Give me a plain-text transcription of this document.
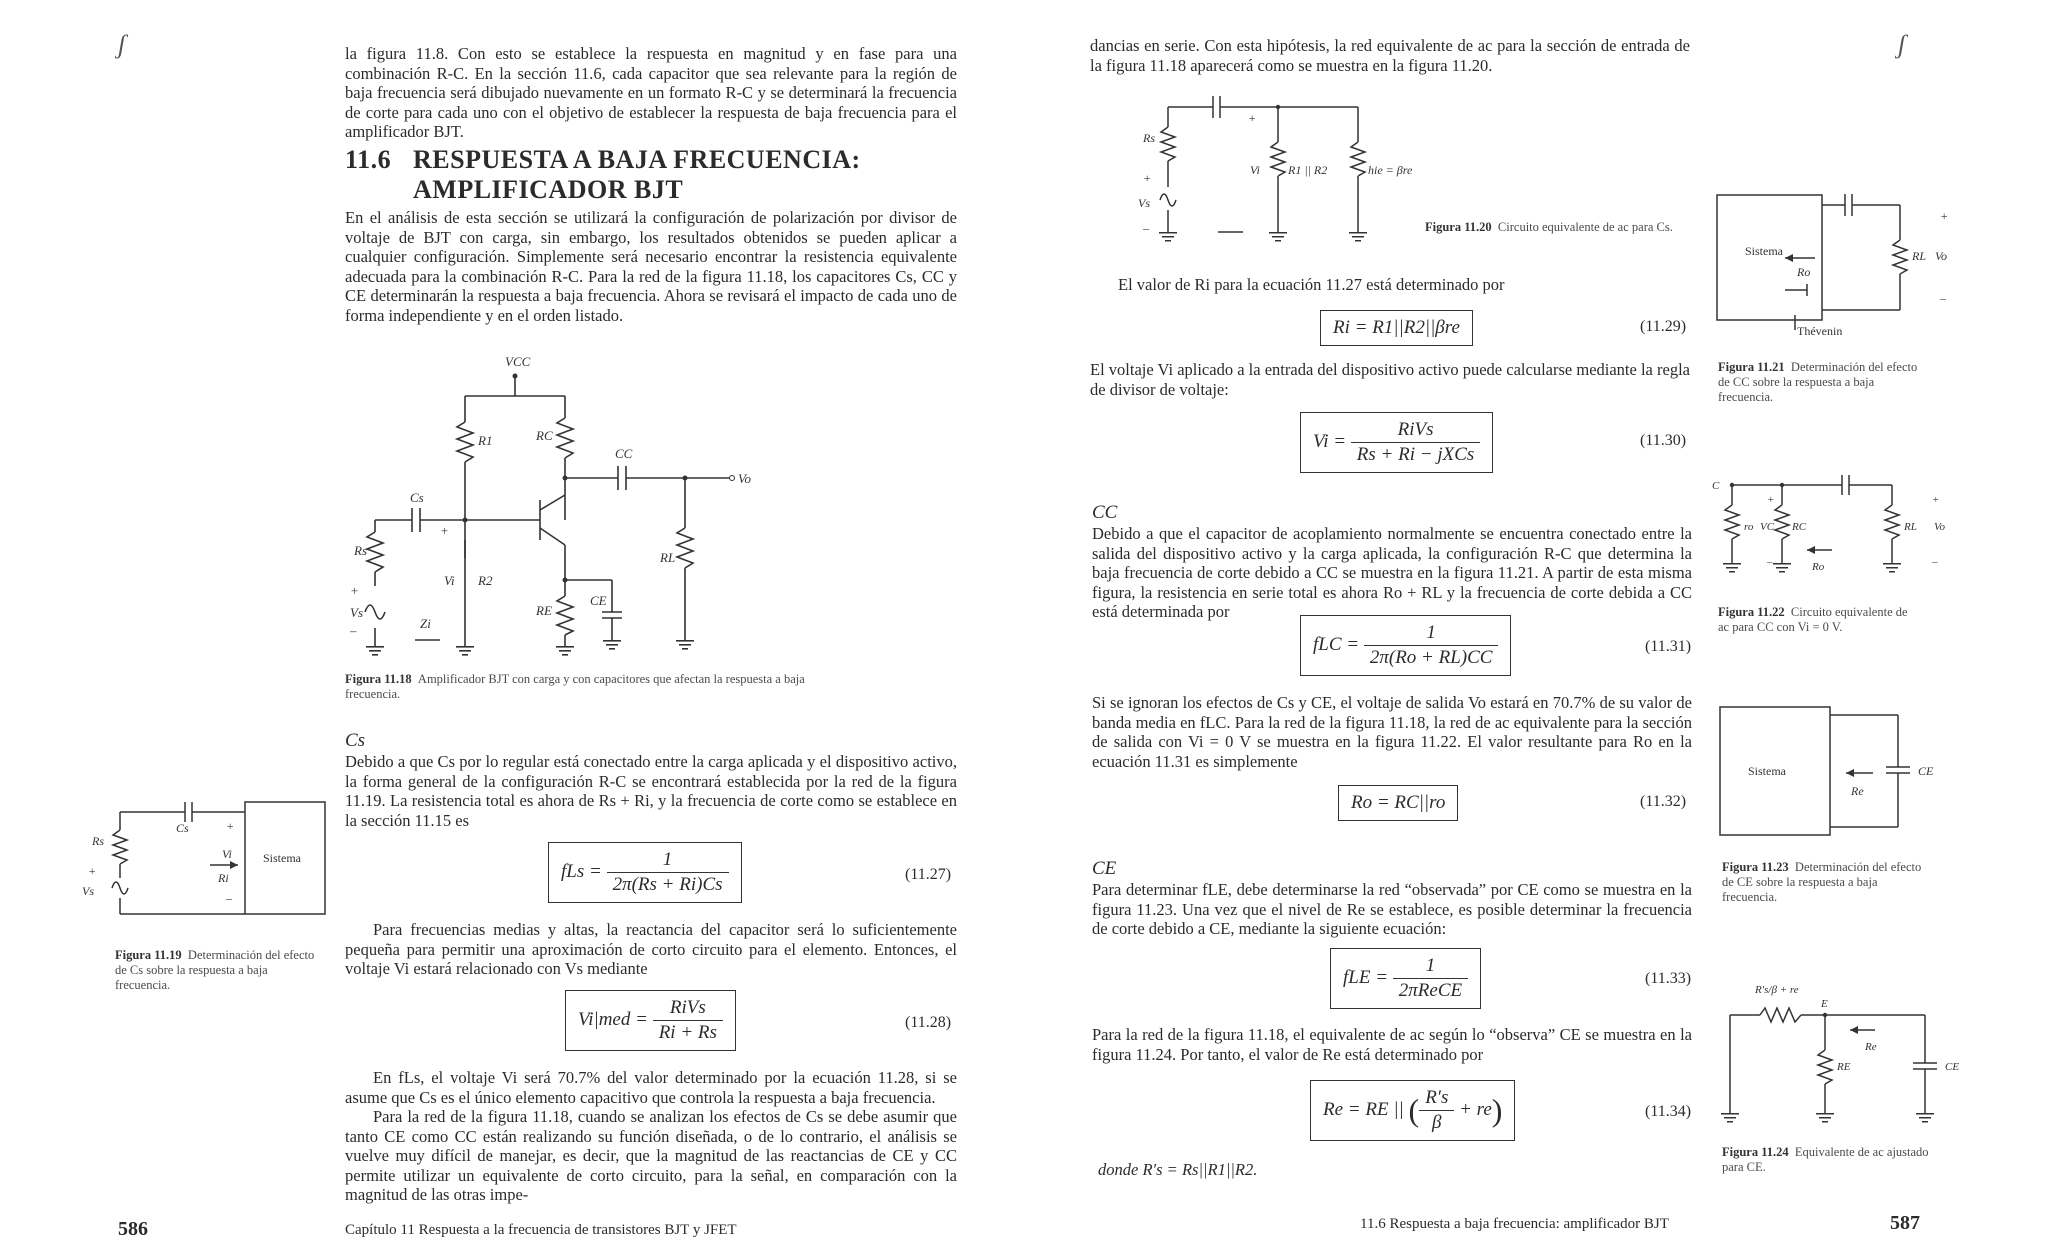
ʃ	la figura 11.8. Con esto se establece la respuesta en magnitud y en fase para una combinación R-C. En la sección 11.6, cada capacitor que sea relevante para la región de baja frecuencia será dibujado nuevamente en un formato R-C y se determinará la frecuencia de corte para cada uno con el objetivo de establecer la respuesta de baja frecuencia para el amplificador BJT.

11.6 RESPUESTA A BAJA FRECUENCIA:
AMPLIFICADOR BJT

En el análisis de esta sección se utilizará la configuración de polarización por divisor de voltaje de BJT con carga, sin embargo, los resultados obtenidos se pueden aplicar a cualquier configuración. Simplemente será necesario encontrar la resistencia equivalente adecuada para la combinación R-C. Para la red de la figura 11.18, los capacitores Cs, CC y CE determinarán la respuesta a baja frecuencia. Ahora se revisará el impacto de cada uno de forma independiente y en el orden listado.

VCC
R1	RC
R2
RE
RL
Rs
Vo
Vi
Vs
Zi
Cs
CC
CE
+
+
–

Figura 11.18 Amplificador BJT con carga y con capacitores que afectan la respuesta a baja frecuencia.

Cs

Debido a que Cs por lo regular está conectado entre la carga aplicada y el dispositivo activo, la forma general de la configuración R-C se encontrará establecida por la red de la figura 11.19. La resistencia total es ahora de Rs + Ri, y la frecuencia de corte como se establece en la sección 11.15 es

fLs = $\frac{1}{2\pi(Rs + Ri)Cs}$	(11.27)

Para frecuencias medias y altas, la reactancia del capacitor será lo suficientemente pequeña para permitir una aproximación de corto circuito para el elemento. Entonces, el voltaje Vi estará relacionado con Vs mediante

$Vi|med = \frac{\text{RiVs}}{Ri + Rs}$	(11.28)

En fLs, el voltaje Vi será 70.7% del valor determinado por la ecuación 11.28, si se asume que Cs es el único elemento capacitivo que controla la respuesta a baja frecuencia.

Para la red de la figura 11.18, cuando se analizan los efectos de Cs se debe asumir que tanto CE como CC están realizando su función diseñada, o de lo contrario, el análisis se vuelve muy difícil de manejar, es decir, que la magnitud de las reactancias de CE y CC permite utilizar un equivalente de corto circuito, para la señal, en comparación con la magnitud de las otras impe-

Rs
Vs
Vi
Ri
Cs	+
–
+
Sistema

Figura 11.19 Determinación del efecto de Cs sobre la respuesta a baja frecuencia.

586	Capítulo 11 Respuesta a la frecuencia de transistores BJT y JFET
ʃ

dancias en serie. Con esta hipótesis, la red equivalente de ac para la sección de entrada de la figura 11.18 aparecerá como se muestra en la figura 11.20.

Rs
Vs
Vi R1 || R2	hie = βre
+
+
–	Figura 11.20 Circuito equivalente de ac para Cs.

El valor de Ri para la ecuación 11.27 está determinado por

Ri = R1||R2||βre	(11.29)

El voltaje Vi aplicado a la entrada del dispositivo activo puede calcularse mediante la regla de divisor de voltaje:

$Vi = \frac{\text{RiVs}}{\text{Rs + Ri − jXCs}}$	(11.30)
CC

Debido a que el capacitor de acoplamiento normalmente se encuentra conectado entre la salida del dispositivo activo y la carga aplicada, la configuración R-C que determina la baja frecuencia de corte debido a CC se muestra en la figura 11.21. A partir de esta misma figura, la resistencia en serie total es ahora Ro + RL y la frecuencia de corte debida a CC está determinada por

fLC = $\frac{1}{2\pi(Ro + RL)CC}$	(11.31)

Si se ignoran los efectos de Cs y CE, el voltaje de salida Vo estará en 70.7% de su valor de banda media en fLC. Para la red de la figura 11.18, la red de ac equivalente para la sección de salida con Vi = 0 V se muestra en la figura 11.22. El valor resultante para Ro en la ecuación 11.31 es simplemente

Ro = RC||ro	(11.32)
CE

Para determinar fLE, debe determinarse la red “observada” por CE como se muestra en la figura 11.23. Una vez que el nivel de Re se establece, es posible determinar la frecuencia de corte debido a CE, mediante la siguiente ecuación:

fLE = $\frac{1}{\text{2πReCE}}$	(11.33)

Para la red de la figura 11.18, el equivalente de ac según lo “observa” CE se muestra en la figura 11.24. Por tanto, el valor de Re está determinado por

Re = RE || ( $\frac{R's}{\beta} + re$)	(11.34)

donde R′s = Rs||R1||R2.

Sistema
Ro
RL Vo
+
–
Thévenin

Figura 11.21 Determinación del efecto de CC sobre la respuesta a baja frecuencia.

C
ro VC RC	RL Vo
Ro
+	+
–
–

Figura 11.22 Circuito equivalente de ac para CC con Vi = 0 V.

Sistema
Re
CE

Figura 11.23 Determinación del efecto de CE sobre la respuesta a baja frecuencia.

R′s/β + re
E
Re
RE	CE

Figura 11.24 Equivalente de ac ajustado para CE.

11.6 Respuesta a baja frecuencia: amplificador BJT	587
